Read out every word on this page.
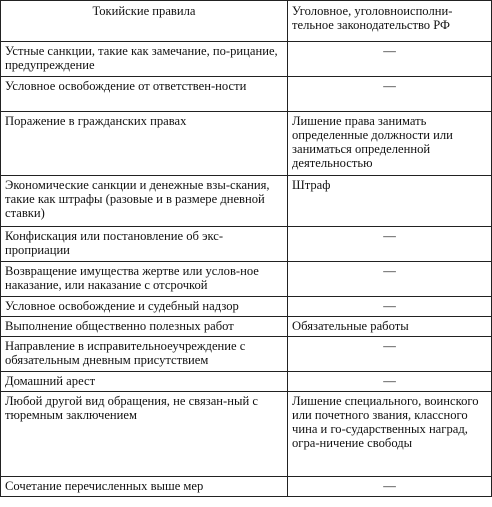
Токийские правила	Уголовное, уголовноисполни-тельное законодательство РФ
Устные санкции, такие как замечание, по-рицание, предупреждение	—
Условное освобождение от ответствен-ности	—
Поражение в гражданских правах	Лишение права занимать определенные должности или заниматься определенной деятельностью
Экономические санкции и денежные взы-скания, такие как штрафы (разовые и в размере дневной ставки)	Штраф
Конфискация или постановление об экс-проприации	—
Возвращение имущества жертве или услов-ное наказание, или наказание с отсрочкой	—
Условное освобождение и судебный надзор	—
Выполнение общественно полезных работ	Обязательные работы
Направление в исправительноеучреждение с обязательным дневным присутствием	—
Домашний арест	—
Любой другой вид обращения, не связан-ный с тюремным заключением	Лишение специального, воинского или почетного звания, классного чина и го-сударственных наград, огра-ничение свободы
Сочетание перечисленных выше мер	—
